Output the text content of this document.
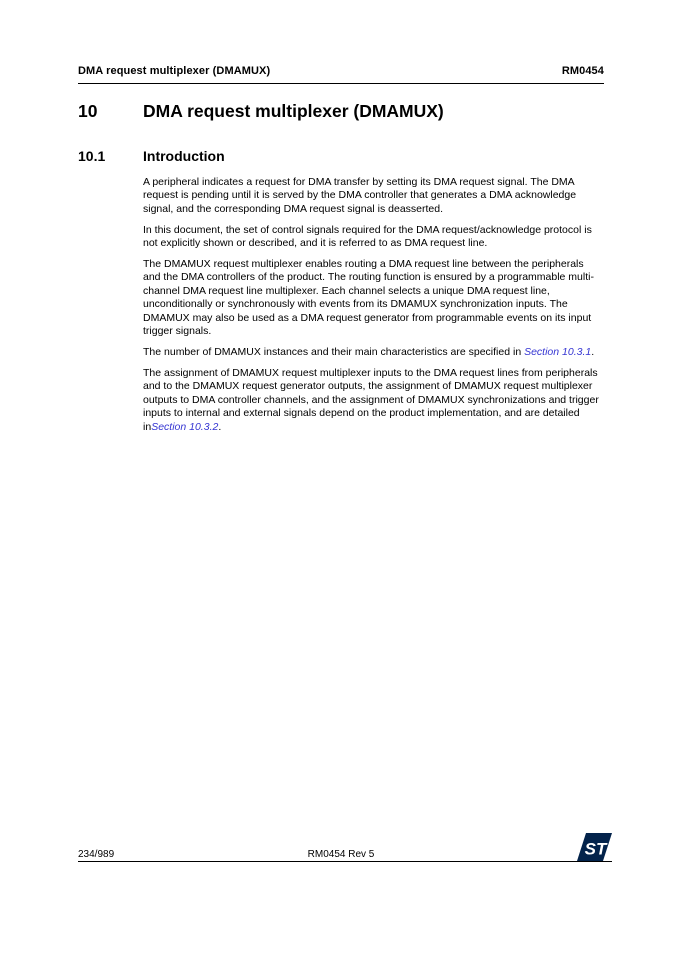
DMA request multiplexer (DMAMUX)	RM0454
10	DMA request multiplexer (DMAMUX)
10.1	Introduction

A peripheral indicates a request for DMA transfer by setting its DMA request signal. The DMA request is pending until it is served by the DMA controller that generates a DMA acknowledge signal, and the corresponding DMA request signal is deasserted.

In this document, the set of control signals required for the DMA request/acknowledge protocol is not explicitly shown or described, and it is referred to as DMA request line.

The DMAMUX request multiplexer enables routing a DMA request line between the peripherals and the DMA controllers of the product. The routing function is ensured by a programmable multi-channel DMA request line multiplexer. Each channel selects a unique DMA request line, unconditionally or synchronously with events from its DMAMUX synchronization inputs. The DMAMUX may also be used as a DMA request generator from programmable events on its input trigger signals.

The number of DMAMUX instances and their main characteristics are specified in Section 10.3.1.

The assignment of DMAMUX request multiplexer inputs to the DMA request lines from peripherals and to the DMAMUX request generator outputs, the assignment of DMAMUX request multiplexer outputs to DMA controller channels, and the assignment of DMAMUX synchronizations and trigger inputs to internal and external signals depend on the product implementation, and are detailed inSection 10.3.2.

234/989	RM0454 Rev 5	ST
